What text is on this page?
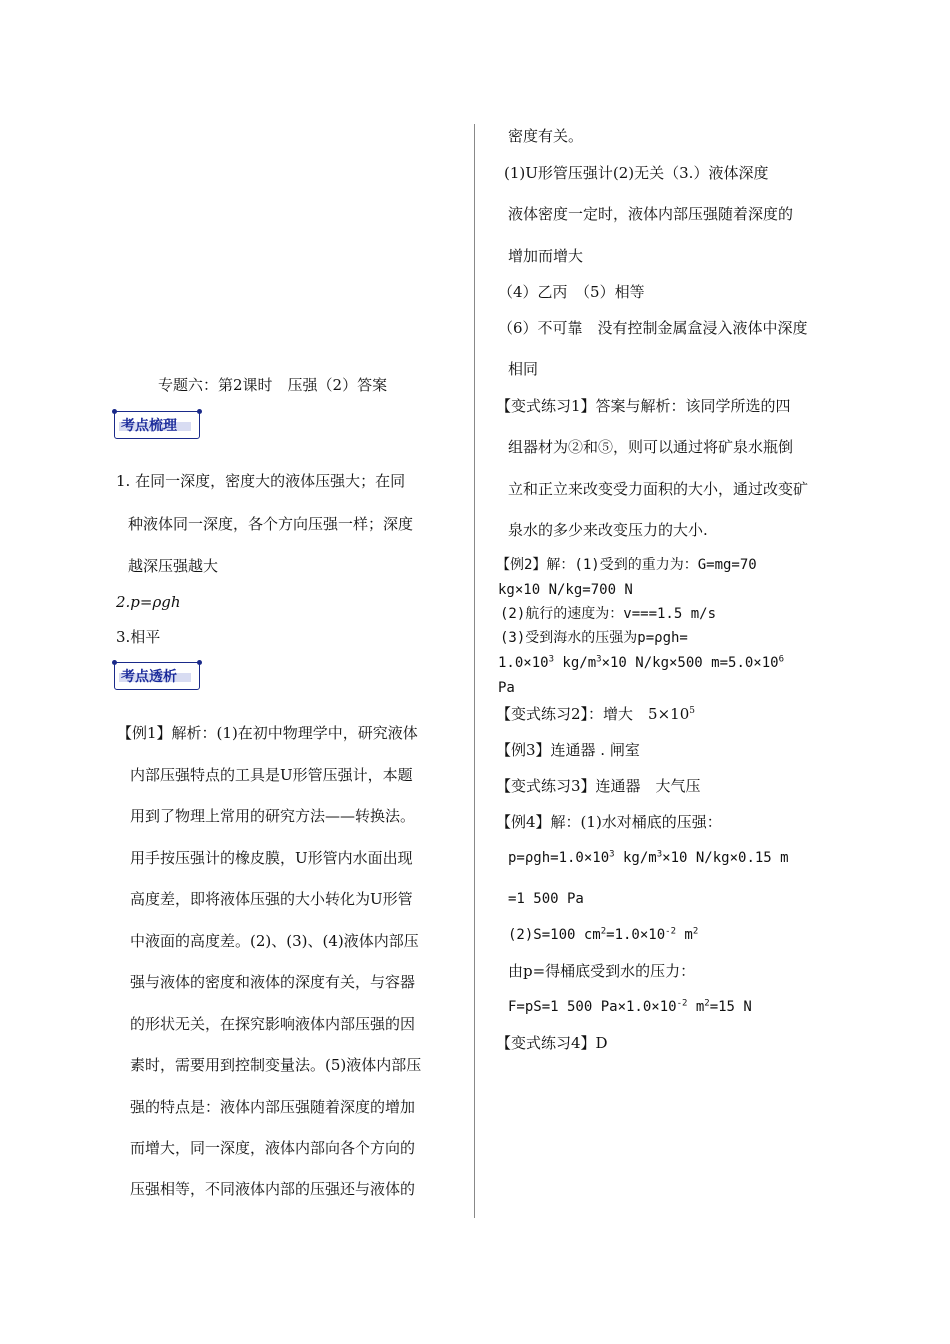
专题六：第2课时　压强（2）答案
考点梳理
1. 在同一深度，密度大的液体压强大；在同
种液体同一深度，各个方向压强一样；深度
越深压强越大
2.p=ρgh
3.相平
考点透析
【例1】解析：(1)在初中物理学中，研究液体
内部压强特点的工具是U形管压强计，本题
用到了物理上常用的研究方法——转换法。
用手按压强计的橡皮膜，U形管内水面出现
高度差，即将液体压强的大小转化为U形管
中液面的高度差。(2)、(3)、(4)液体内部压
强与液体的密度和液体的深度有关，与容器
的形状无关，在探究影响液体内部压强的因
素时，需要用到控制变量法。(5)液体内部压
强的特点是：液体内部压强随着深度的增加
而增大，同一深度，液体内部向各个方向的
压强相等，不同液体内部的压强还与液体的
密度有关。
(1)U形管压强计(2)无关（3.）液体深度
液体密度一定时，液体内部压强随着深度的
增加而增大
（4）乙丙　（5）相等
（6）不可靠　没有控制金属盒浸入液体中深度
相同
【变式练习1】答案与解析：该同学所选的四
组器材为②和⑤，则可以通过将矿泉水瓶倒
立和正立来改变受力面积的大小，通过改变矿
泉水的多少来改变压力的大小.
【例2】解：(1)受到的重力为：G=mg=70
kg×10 N/kg=700 N
(2)航行的速度为：v===1.5 m/s
(3)受到海水的压强为p=ρgh=
$1.0\times 10^3$ $kg/m^3\times 10$ N/kg×500 $m=5.0\times 10^6$
Pa
【变式练习2】：增大　$5\times 10^5$
【例3】连通器 . 闸室
【变式练习3】连通器　大气压
【例4】解：(1)水对桶底的压强：
$p=\rho gh=1.0\times 10^3$ $kg/m^3\times 10$ N/kg×0.15 m
=1 500 Pa
(2)S=100 $cm^2=1.0\times 10^{-2}$ $m^2$
由p=得桶底受到水的压力：
F=pS=1 500 $Pa\times 1.0\times 10^{-2}$ $m^2=15$ N
【变式练习4】D
